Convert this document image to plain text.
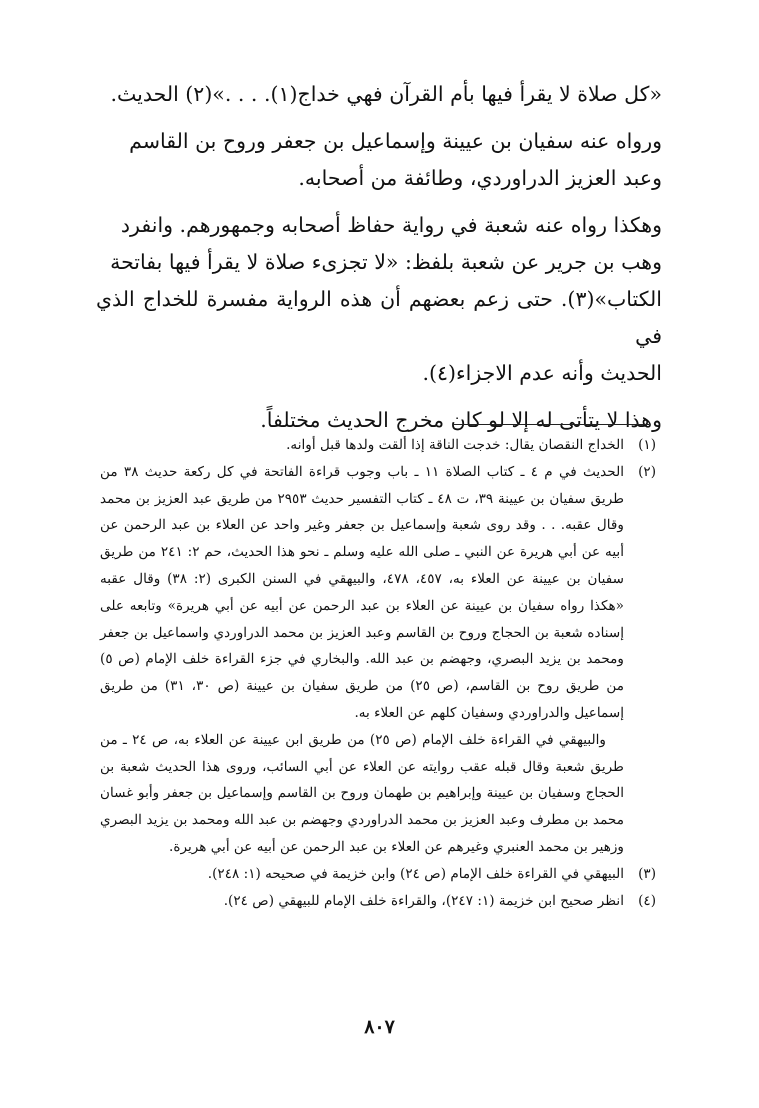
«كل صلاة لا يقرأ فيها بأم القرآن فهي خداج(١). . . .»(٢) الحديث.

ورواه عنه سفيان بن عيينة وإسماعيل بن جعفر وروح بن القاسم

وعبد العزيز الدراوردي، وطائفة من أصحابه.

وهكذا رواه عنه شعبة في رواية حفاظ أصحابه وجمهورهم. وانفرد

وهب بن جرير عن شعبة بلفظ: «لا تجزىء صلاة لا يقرأ فيها بفاتحة

الكتاب»(٣). حتى زعم بعضهم أن هذه الرواية مفسرة للخداج الذي في

الحديث وأنه عدم الاجزاء(٤).

وهذا لا يتأتى له إلا لو كان مخرج الحديث مختلفاً.

(١)
الخداج النقصان يقال: خدجت الناقة إذا ألقت ولدها قبل أوانه.
(٢)
الحديث في م ٤ ـ كتاب الصلاة ١١ ـ باب وجوب قراءة الفاتحة في كل ركعة حديث ٣٨ من طريق سفيان بن عيينة ٣٩، ت ٤٨ ـ كتاب التفسير حديث ٢٩٥٣ من طريق عبد العزيز بن محمد وقال عقبه. . . وقد روى شعبة وإسماعيل بن جعفر وغير واحد عن العلاء بن عبد الرحمن عن أبيه عن أبي هريرة عن النبي ـ صلى الله عليه وسلم ـ نحو هذا الحديث، حم ٢: ٢٤١ من طريق سفيان بن عيينة عن العلاء به، ٤٥٧، ٤٧٨، والبيهقي في السنن الكبرى (٢: ٣٨) وقال عقبه «هكذا رواه سفيان بن عيينة عن العلاء بن عبد الرحمن عن أبيه عن أبي هريرة» وتابعه على إسناده شعبة بن الحجاج وروح بن القاسم وعبد العزيز بن محمد الدراوردي واسماعيل بن جعفر ومحمد بن يزيد البصري، وجهضم بن عبد الله. والبخاري في جزء القراءة خلف الإمام (ص ٥) من طريق روح بن القاسم، (ص ٢٥) من طريق سفيان بن عيينة (ص ٣٠، ٣١) من طريق إسماعيل والدراوردي وسفيان كلهم عن العلاء به.

والبيهقي في القراءة خلف الإمام (ص ٢٥) من طريق ابن عيينة عن العلاء به، ص ٢٤ ـ من طريق شعبة وقال قبله عقب روايته عن العلاء عن أبي السائب، وروى هذا الحديث شعبة بن الحجاج وسفيان بن عيينة وإبراهيم بن طهمان وروح بن القاسم وإسماعيل بن جعفر وأبو غسان محمد بن مطرف وعبد العزيز بن محمد الدراوردي وجهضم بن عبد الله ومحمد بن يزيد البصري وزهير بن محمد العنبري وغيرهم عن العلاء بن عبد الرحمن عن أبيه عن أبي هريرة.

(٣)
البيهقي في القراءة خلف الإمام (ص ٢٤) وابن خزيمة في صحيحه (١: ٢٤٨).
(٤)
انظر صحيح ابن خزيمة (١: ٢٤٧)، والقراءة خلف الإمام للبيهقي (ص ٢٤).
٨٠٧
